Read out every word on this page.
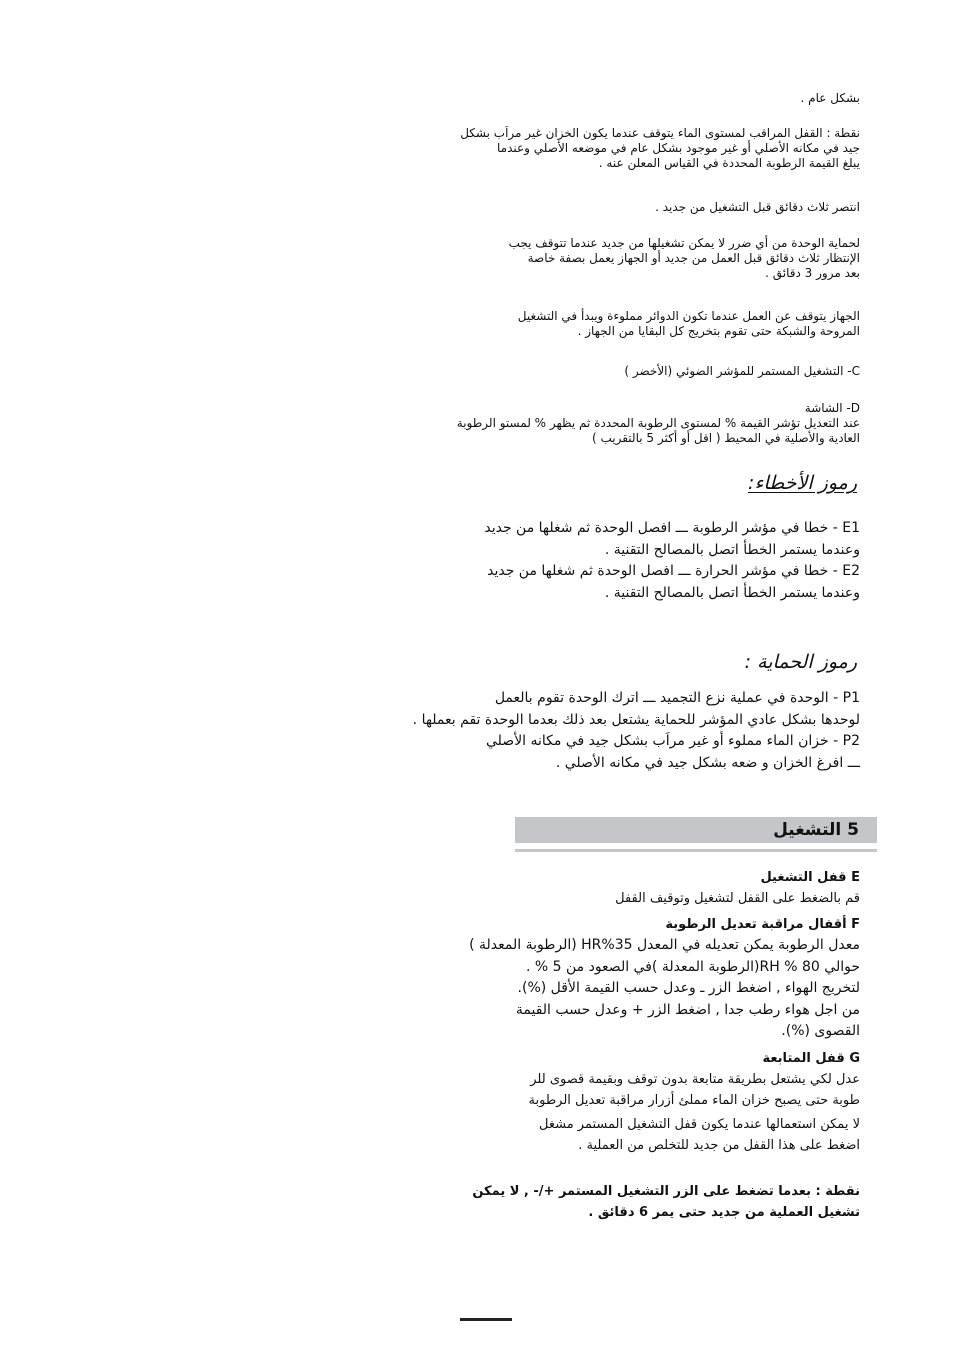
بشكل عام .

نقطة : القفل المراقب لمستوى الماء يتوقف عندما يكون الخزان غير مراَب بشكل

جيد في مكانه الأصلي أو غير موجود بشكل عام في موضعه الأصلي وعندما

يبلغ القيمة الرطوبة المحددة في القياس المعلن عنه .

انتصر ثلاث دقائق قبل التشغيل من جديد .

لحماية الوحدة من أي ضرر لا يمكن تشغيلها من جديد عندما تتوقف يجب

الإنتظار ثلاث دقائق قبل العمل من جديد أو الجهاز يعمل بصفة خاصة

بعد مرور 3 دقائق .

الجهاز يتوقف عن العمل عندما تكون الدوائر مملوءة ويبدأ في التشغيل

المروحة والشبكة حتى تقوم بتخريج كل البقايا من الجهاز .

C- التشغيل المستمر للمؤشر الضوئي (الأخضر )

D- الشاشة

عند التعديل تؤشر القيمة % لمستوى الرطوبة المحددة ثم يظهر % لمستو الرطوبة

العادية والأصلية في المحيط ( اقل أو أكثر 5 بالتقريب )

رموز الأخطاء:

E1 - خطا في مؤشر الرطوبة ـــ افصل الوحدة ثم شغلها من جديد

وعندما يستمر الخطأ اتصل بالمصالح التقنية .

E2 - خطا في مؤشر الحرارة ـــ افصل الوحدة ثم شغلها من جديد

وعندما يستمر الخطأ اتصل بالمصالح التقنية .

رموز الحماية :

P1 - الوحدة في عملية نزع التجميد ـــ اترك الوحدة تقوم بالعمل

لوحدها بشكل عادي المؤشر للحماية يشتعل بعد ذلك بعدما الوحدة تقم بعملها .

P2 - خزان الماء مملوء أو غير مراَب بشكل جيد في مكانه الأصلي

ـــ افرغ الخزان و ضعه بشكل جيد في مكانه الأصلي .

5 التشغيل

E قفل التشغيل

قم بالضغط على القفل لتشغيل وتوقيف القفل

F أقفال مراقبة تعديل الرطوبة

معدل الرطوبة يمكن تعديله في المعدل 35%HR (الرطوبة المعدلة )

حوالي 80 % RH(الرطوبة المعدلة )في الصعود من 5 % .

لتخريج الهواء , اضغط الزر ـ وعدل حسب القيمة الأقل (%).

من اجل هواء رطب جدا , اضغط الزر + وعدل حسب القيمة

القصوى (%).

G قفل المتابعة

عدل لكي يشتعل بطريقة متابعة بدون توقف وبقيمة قصوى للر

طوبة حتى يصبح خزان الماء مملئ أزرار مراقبة تعديل الرطوبة

لا يمكن استعمالها عندما يكون قفل التشغيل المستمر مشغل

اضغط على هذا القفل من جديد للتخلص من العملية .

نقطة : بعدما تضغط على الزر التشغيل المستمر +/- , لا يمكن

تشغيل العملية من جديد حتى يمر 6 دقائق .
